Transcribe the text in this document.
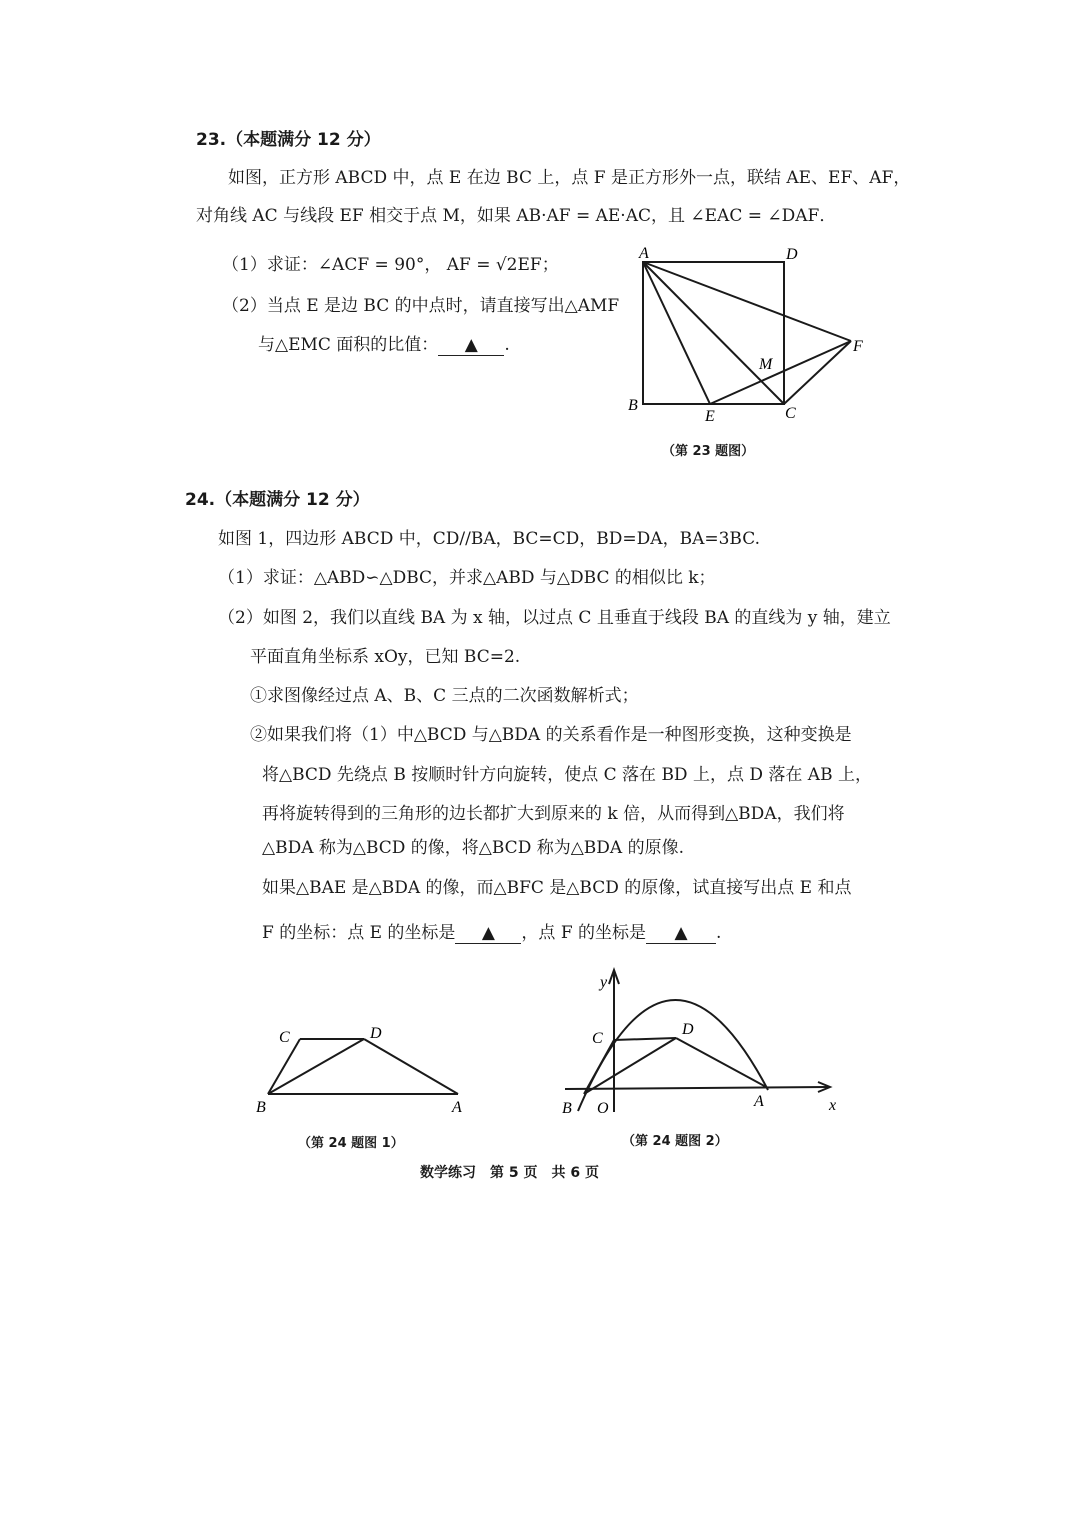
23.（本题满分 12 分）
如图，正方形 ABCD 中，点 E 在边 BC 上，点 F 是正方形外一点，联结 AE、EF、AF，
对角线 AC 与线段 EF 相交于点 M，如果 AB·AF = AE·AC，且 ∠EAC = ∠DAF．
（1）求证：∠ACF = 90°， AF = √2EF；
（2）当点 E 是边 BC 的中点时，请直接写出△AMF
与△EMC 面积的比值： ▲ .
A	D
B
E	C
M
F
（第 23 题图）
24.（本题满分 12 分）
如图 1，四边形 ABCD 中，CD//BA，BC=CD，BD=DA，BA=3BC.
（1）求证：△ABD∽△DBC，并求△ABD 与△DBC 的相似比 k；
（2）如图 2，我们以直线 BA 为 x 轴，以过点 C 且垂直于线段 BA 的直线为 y 轴，建立
平面直角坐标系 xOy，已知 BC=2.
①求图像经过点 A、B、C 三点的二次函数解析式；
②如果我们将（1）中△BCD 与△BDA 的关系看作是一种图形变换，这种变换是
将△BCD 先绕点 B 按顺时针方向旋转，使点 C 落在 BD 上，点 D 落在 AB 上，
再将旋转得到的三角形的边长都扩大到原来的 k 倍，从而得到△BDA，我们将
△BDA 称为△BCD 的像，将△BCD 称为△BDA 的原像.
如果△BAE 是△BDA 的像，而△BFC 是△BCD 的原像，试直接写出点 E 和点
F 的坐标：点 E 的坐标是 ▲ ，点 F 的坐标是 ▲ .
C	D
B	A
（第 24 题图 1）
y
C
D
B O	A	x
（第 24 题图 2）
数学练习　第 5 页　共 6 页
